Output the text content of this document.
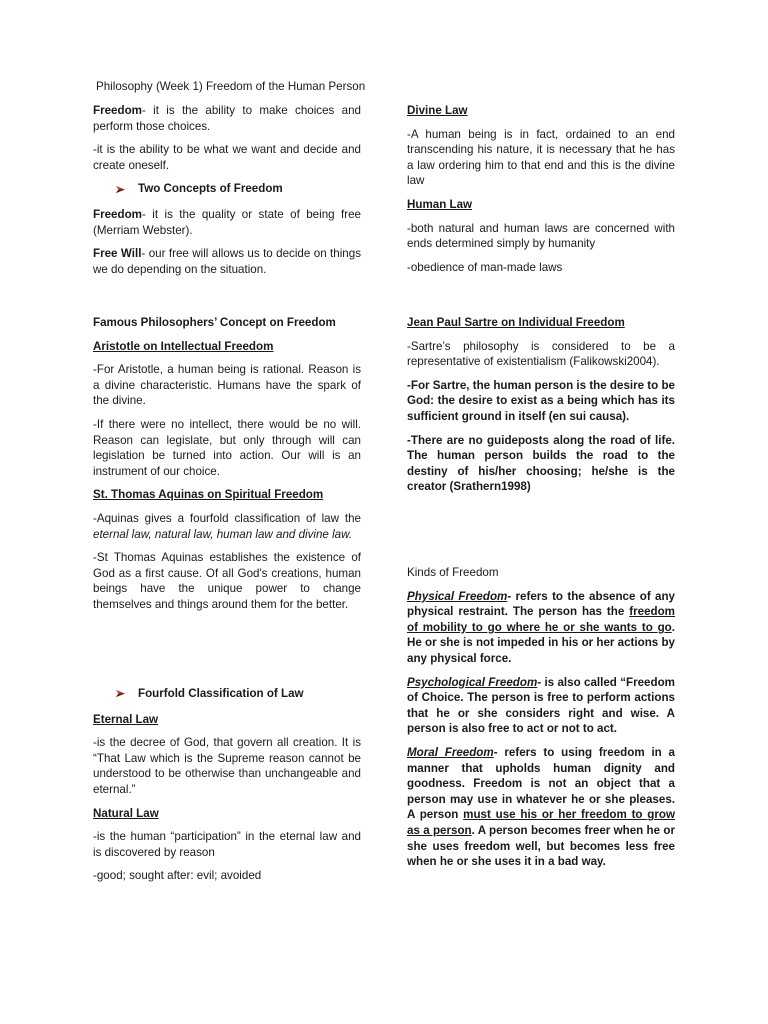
Philosophy (Week 1) Freedom of the Human Person

Freedom- it is the ability to make choices and perform those choices.

-it is the ability to be what we want and decide and create oneself.

Two Concepts of Freedom

Freedom- it is the quality or state of being free (Merriam Webster).

Free Will- our free will allows us to decide on things we do depending on the situation.

Famous Philosophers’ Concept on Freedom
Aristotle on Intellectual Freedom

-For Aristotle, a human being is rational. Reason is a divine characteristic. Humans have the spark of the divine.

-If there were no intellect, there would be no will. Reason can legislate, but only through will can legislation be turned into action. Our will is an instrument of our choice.

St. Thomas Aquinas on Spiritual Freedom

-Aquinas gives a fourfold classification of law the eternal law, natural law, human law and divine law.

-St Thomas Aquinas establishes the existence of God as a first cause. Of all God's creations, human beings have the unique power to change themselves and things around them for the better.

Fourfold Classification of Law
Eternal Law

-is the decree of God, that govern all creation. It is “That Law which is the Supreme reason cannot be understood to be otherwise than unchangeable and eternal.”

Natural Law

-is the human “participation” in the eternal law and is discovered by reason

-good; sought after: evil; avoided

Divine Law

-A human being is in fact, ordained to an end transcending his nature, it is necessary that he has a law ordering him to that end and this is the divine law

Human Law

-both natural and human laws are concerned with ends determined simply by humanity

-obedience of man-made laws

Jean Paul Sartre on Individual Freedom

-Sartre’s philosophy is considered to be a representative of existentialism (Falikowski2004).

-For Sartre, the human person is the desire to be God: the desire to exist as a being which has its sufficient ground in itself (en sui causa).

-There are no guideposts along the road of life. The human person builds the road to the destiny of his/her choosing; he/she is the creator (Srathern1998)

Kinds of Freedom

Physical Freedom- refers to the absence of any physical restraint. The person has the freedom of mobility to go where he or she wants to go. He or she is not impeded in his or her actions by any physical force.

Psychological Freedom- is also called “Freedom of Choice. The person is free to perform actions that he or she considers right and wise. A person is also free to act or not to act.

Moral Freedom- refers to using freedom in a manner that upholds human dignity and goodness. Freedom is not an object that a person may use in whatever he or she pleases. A person must use his or her freedom to grow as a person. A person becomes freer when he or she uses freedom well, but becomes less free when he or she uses it in a bad way.
